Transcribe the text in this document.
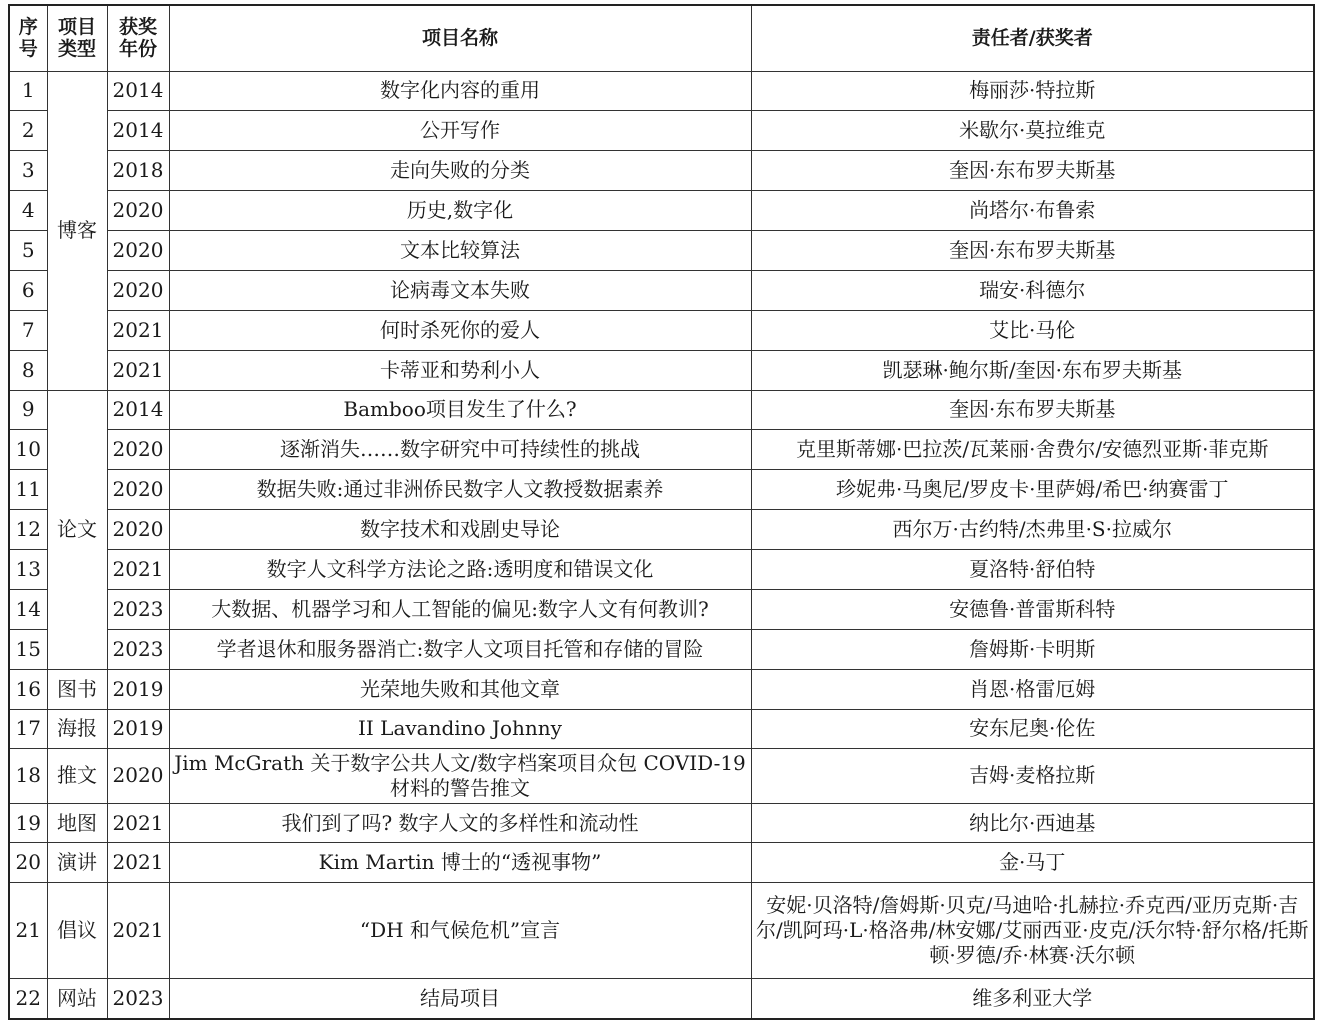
序号	项目类型	获奖年份	项目名称	责任者/获奖者
1	博客	2014	数字化内容的重用	梅丽莎·特拉斯
2		2014	公开写作	米歇尔·莫拉维克
3		2018	走向失败的分类	奎因·东布罗夫斯基
4		2020	历史,数字化	尚塔尔·布鲁索
5		2020	文本比较算法	奎因·东布罗夫斯基
6		2020	论病毒文本失败	瑞安·科德尔
7		2021	何时杀死你的爱人	艾比·马伦
8		2021	卡蒂亚和势利小人	凯瑟琳·鲍尔斯/奎因·东布罗夫斯基
9	论文	2014	Bamboo项目发生了什么?	奎因·东布罗夫斯基
10		2020	逐渐消失……数字研究中可持续性的挑战	克里斯蒂娜·巴拉茨/瓦莱丽·舍费尔/安德烈亚斯·菲克斯
11		2020	数据失败:通过非洲侨民数字人文教授数据素养	珍妮弗·马奥尼/罗皮卡·里萨姆/希巴·纳赛雷丁
12		2020	数字技术和戏剧史导论	西尔万·古约特/杰弗里·S·拉威尔
13		2021	数字人文科学方法论之路:透明度和错误文化	夏洛特·舒伯特
14		2023	大数据、机器学习和人工智能的偏见:数字人文有何教训?	安德鲁·普雷斯科特
15		2023	学者退休和服务器消亡:数字人文项目托管和存储的冒险	詹姆斯·卡明斯
16	图书	2019	光荣地失败和其他文章	肖恩·格雷厄姆
17	海报	2019	II Lavandino Johnny	安东尼奥·伦佐
18	推文	2020	Jim McGrath 关于数字公共人文/数字档案项目众包 COVID-19 材料的警告推文	吉姆·麦格拉斯
19	地图	2021	我们到了吗? 数字人文的多样性和流动性	纳比尔·西迪基
20	演讲	2021	Kim Martin 博士的“透视事物”	金·马丁
21	倡议	2021	“DH 和气候危机”宣言	安妮·贝洛特/詹姆斯·贝克/马迪哈·扎赫拉·乔克西/亚历克斯·吉尔/凯阿玛·L·格洛弗/林安娜/艾丽西亚·皮克/沃尔特·舒尔格/托斯顿·罗德/乔·林赛·沃尔顿
22	网站	2023	结局项目	维多利亚大学
